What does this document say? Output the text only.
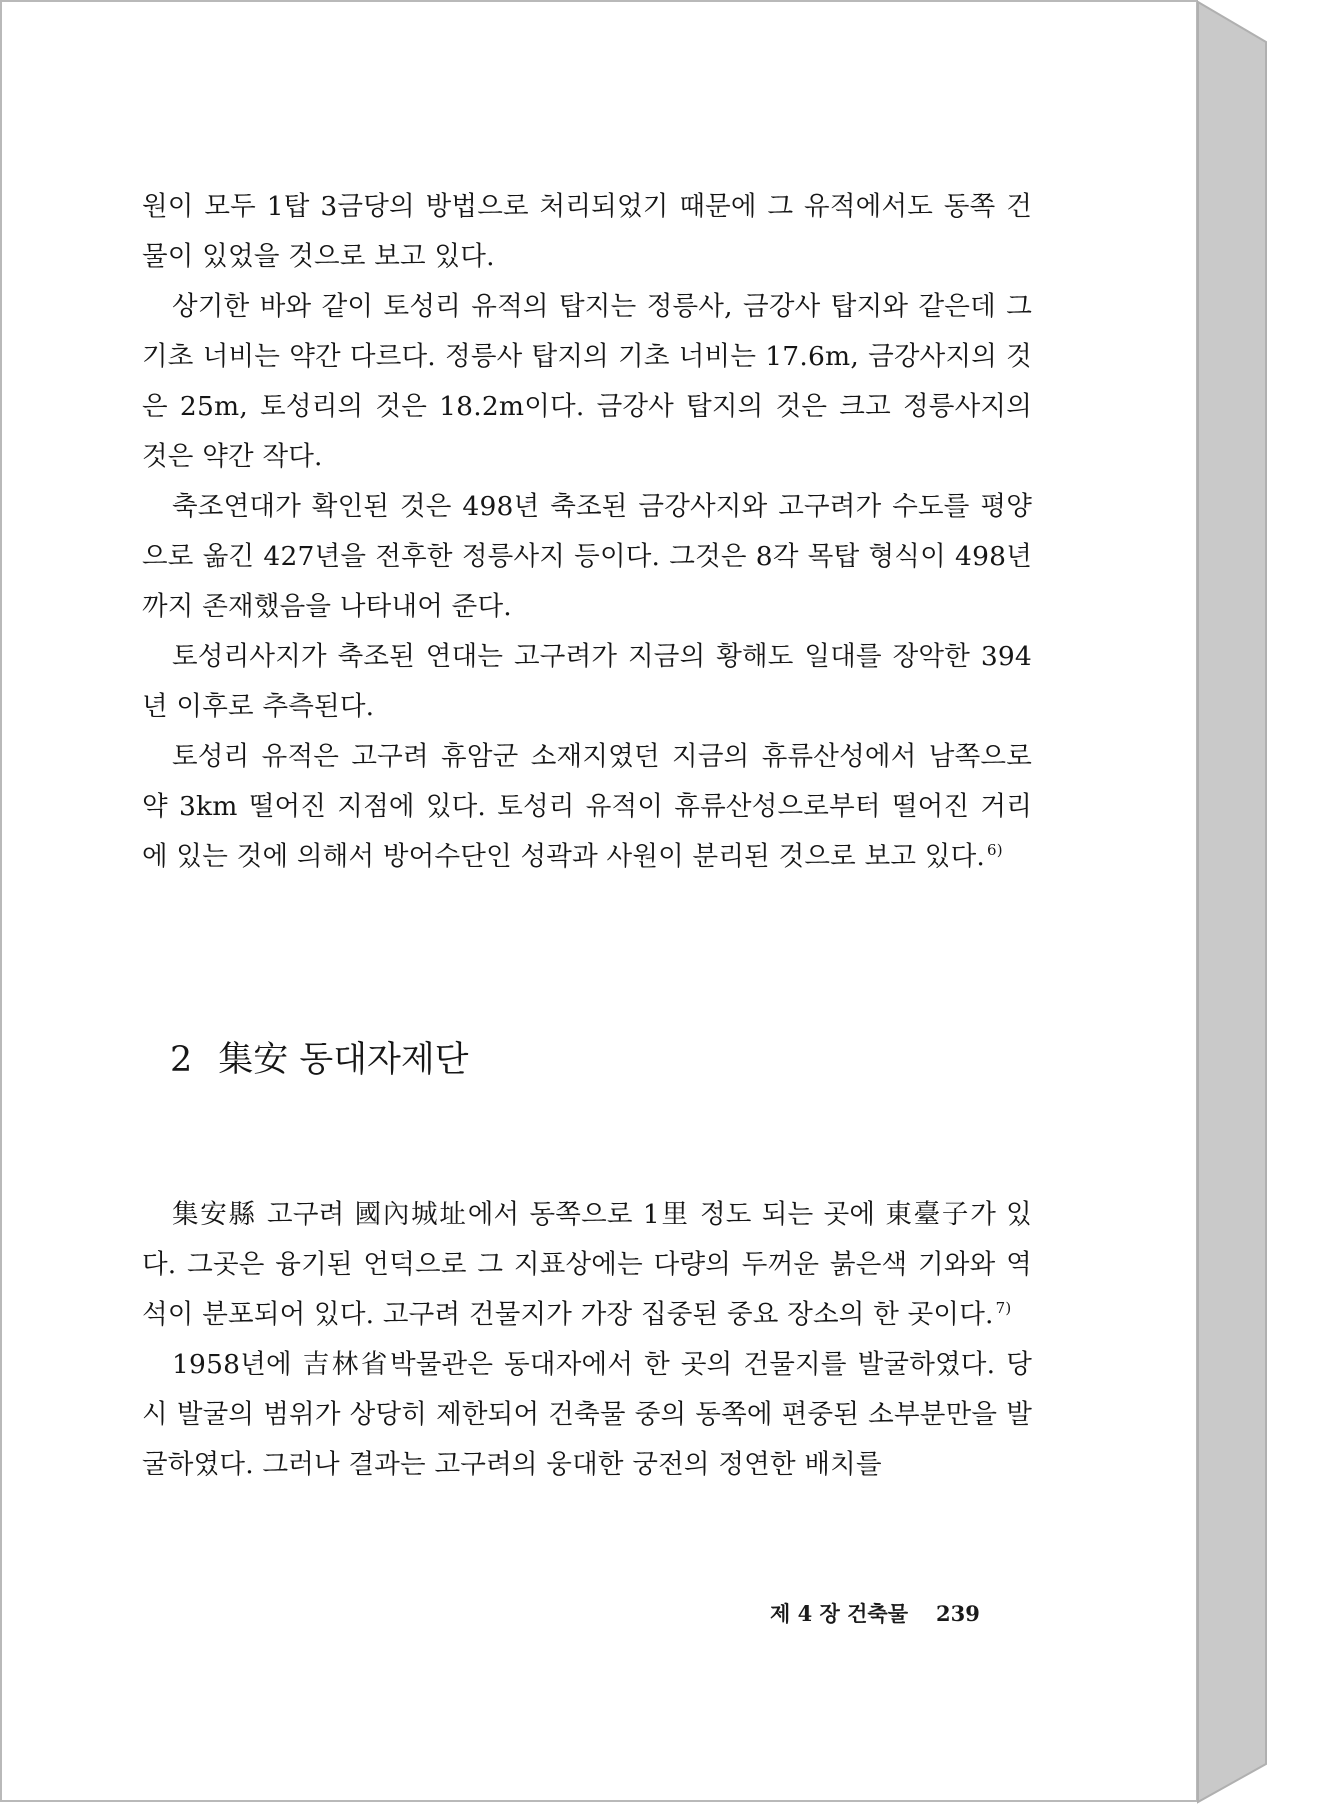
원이 모두 1탑 3금당의 방법으로 처리되었기 때문에 그 유적에서도 동쪽 건물이 있었을 것으로 보고 있다.

상기한 바와 같이 토성리 유적의 탑지는 정릉사, 금강사 탑지와 같은데 그 기초 너비는 약간 다르다. 정릉사 탑지의 기초 너비는 17.6m, 금강사지의 것은 25m, 토성리의 것은 18.2m이다. 금강사 탑지의 것은 크고 정릉사지의 것은 약간 작다.

축조연대가 확인된 것은 498년 축조된 금강사지와 고구려가 수도를 평양으로 옮긴 427년을 전후한 정릉사지 등이다. 그것은 8각 목탑 형식이 498년까지 존재했음을 나타내어 준다.

토성리사지가 축조된 연대는 고구려가 지금의 황해도 일대를 장악한 394년 이후로 추측된다.

토성리 유적은 고구려 휴암군 소재지였던 지금의 휴류산성에서 남쪽으로 약 3km 떨어진 지점에 있다. 토성리 유적이 휴류산성으로부터 떨어진 거리에 있는 것에 의해서 방어수단인 성곽과 사원이 분리된 것으로 보고 있다. $^{6)}$

2 集安 동대자제단

集安縣 고구려 國內城址에서 동쪽으로 1里 정도 되는 곳에 東臺子가 있다. 그곳은 융기된 언덕으로 그 지표상에는 다량의 두꺼운 붉은색 기와와 역석이 분포되어 있다. 고구려 건물지가 가장 집중된 중요 장소의 한 곳이다. $^{7)}$

1958년에 吉林省박물관은 동대자에서 한 곳의 건물지를 발굴하였다. 당시 발굴의 범위가 상당히 제한되어 건축물 중의 동쪽에 편중된 소부분만을 발굴하였다. 그러나 결과는 고구려의 웅대한 궁전의 정연한 배치를

제 4 장 건축물 239
